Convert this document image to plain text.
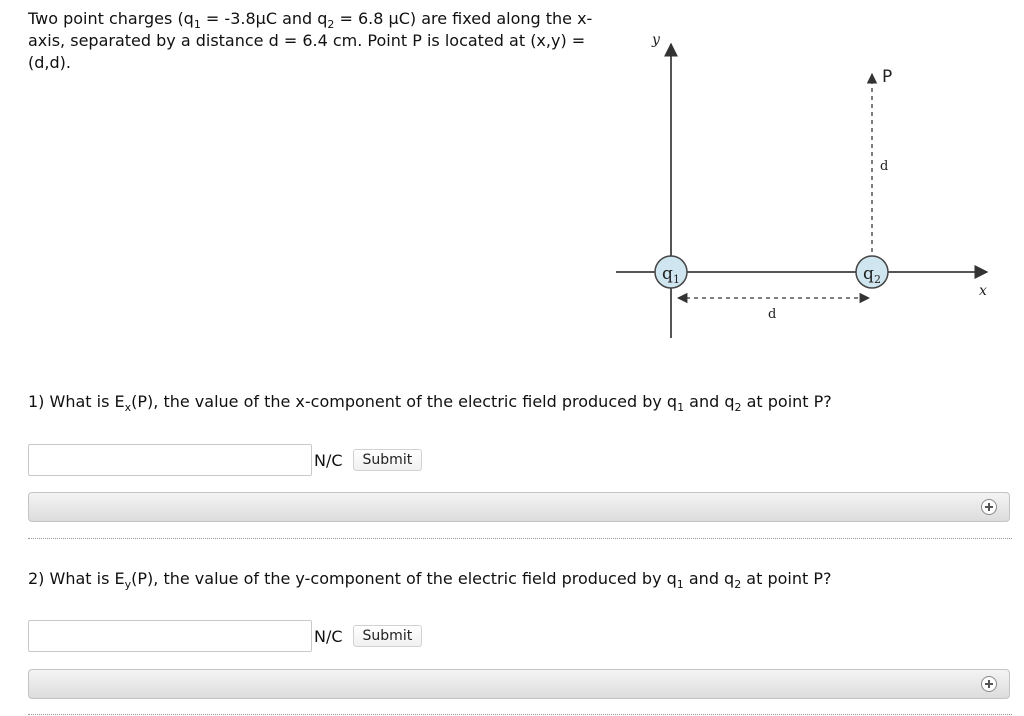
Two point charges ($q_1 = -3.8\mu C$ and $q_2 = 6.8$ μC) are fixed along the x-axis, separated by a distance d = 6.4 cm. Point P is located at (x,y) = (d,d).

y
x
P
d
d
$q_1$	$q_2$

1) What is $E_x(P)$, the value of the x-component of the electric field produced by $q_1$ and $q_2$ at point P?

N/C	Submit

2) What is $E_y(P)$, the value of the y-component of the electric field produced by $q_1$ and $q_2$ at point P?

N/C	Submit
